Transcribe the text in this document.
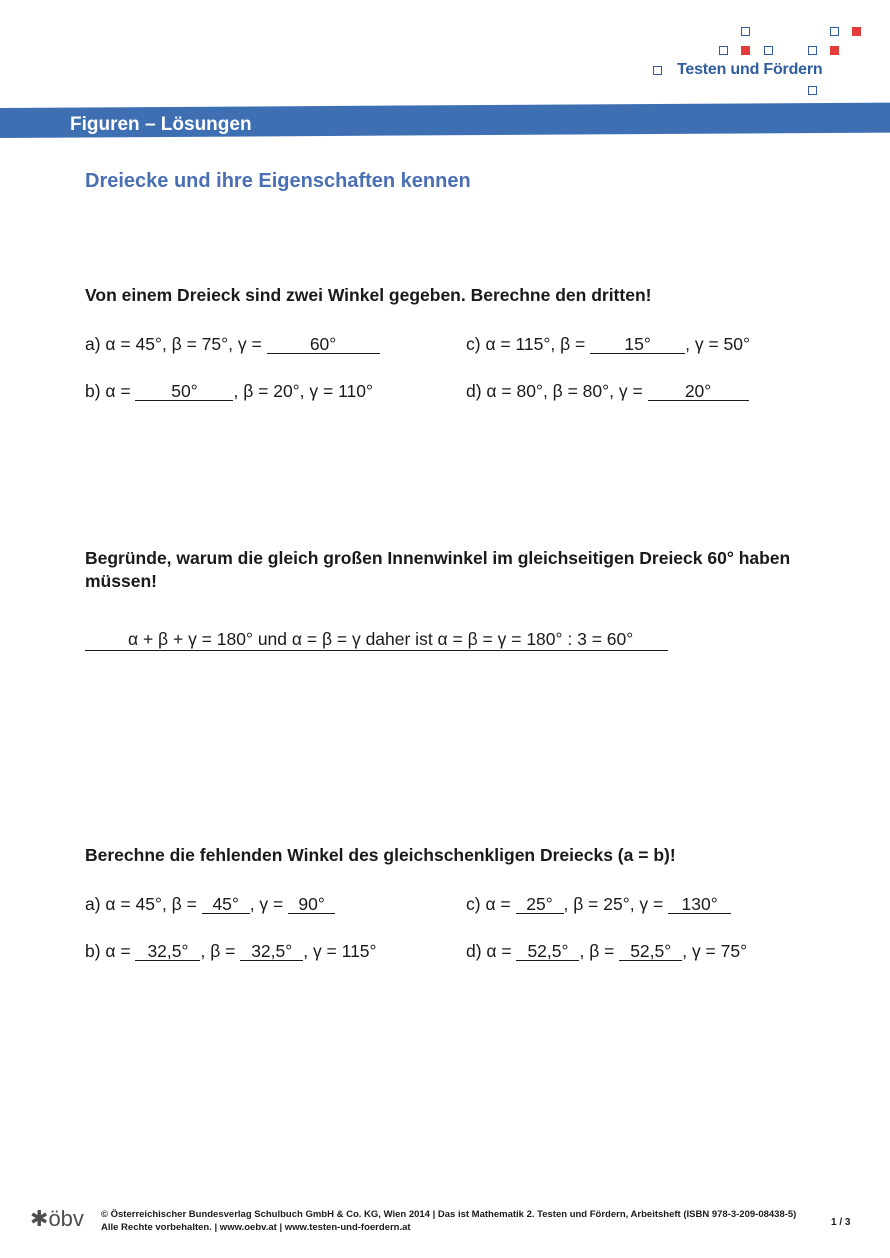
Testen und Fördern
Figuren – Lösungen
Dreiecke und ihre Eigenschaften kennen
Von einem Dreieck sind zwei Winkel gegeben. Berechne den dritten!
a) α = 45°, β = 75°, γ = 60°
b) α = 50° , β = 20°, γ = 110°
c) α = 115°, β = 15° , γ = 50°
d) α = 80°, β = 80°, γ = 20°
Begründe, warum die gleich großen Innenwinkel im gleichseitigen Dreieck 60° haben müssen!
α + β + γ = 180° und α = β = γ daher ist α = β = γ = 180° : 3 = 60°
Berechne die fehlenden Winkel des gleichschenkligen Dreiecks (a = b)!
a) α = 45°, β = 45° , γ = 90°
b) α = 32,5° , β = 32,5° , γ = 115°
c) α = 25° , β = 25°, γ = 130°
d) α = 52,5° , β = 52,5° , γ = 75°
✱öbv © Österreichischer Bundesverlag Schulbuch GmbH & Co. KG, Wien 2014 | Das ist Mathematik 2. Testen und Fördern, Arbeitsheft (ISBN 978-3-209-08438-5)
Alle Rechte vorbehalten. | www.oebv.at | www.testen-und-foerdern.at	1 / 3
